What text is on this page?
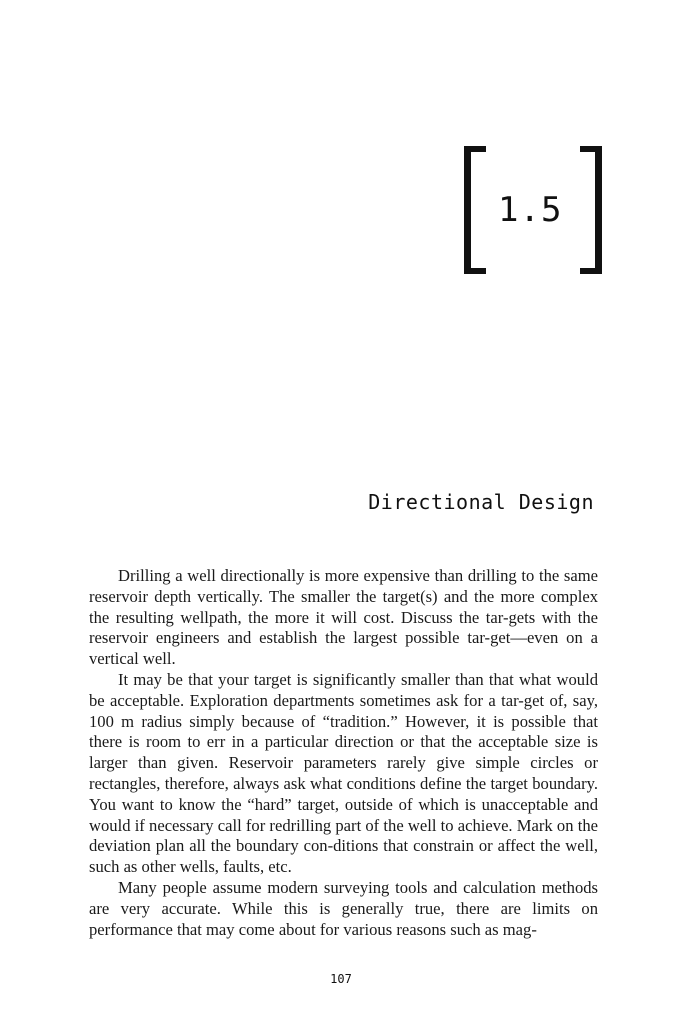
1.5
Directional Design

Drilling a well directionally is more expensive than drilling to the same reservoir depth vertically. The smaller the target(s) and the more complex the resulting wellpath, the more it will cost. Discuss the tar-gets with the reservoir engineers and establish the largest possible tar-get—even on a vertical well.

It may be that your target is significantly smaller than that what would be acceptable. Exploration departments sometimes ask for a tar-get of, say, 100 m radius simply because of “tradition.” However, it is possible that there is room to err in a particular direction or that the acceptable size is larger than given. Reservoir parameters rarely give simple circles or rectangles, therefore, always ask what conditions define the target boundary. You want to know the “hard” target, outside of which is unacceptable and would if necessary call for redrilling part of the well to achieve. Mark on the deviation plan all the boundary con-ditions that constrain or affect the well, such as other wells, faults, etc.

Many people assume modern surveying tools and calculation methods are very accurate. While this is generally true, there are limits on performance that may come about for various reasons such as mag-

107
